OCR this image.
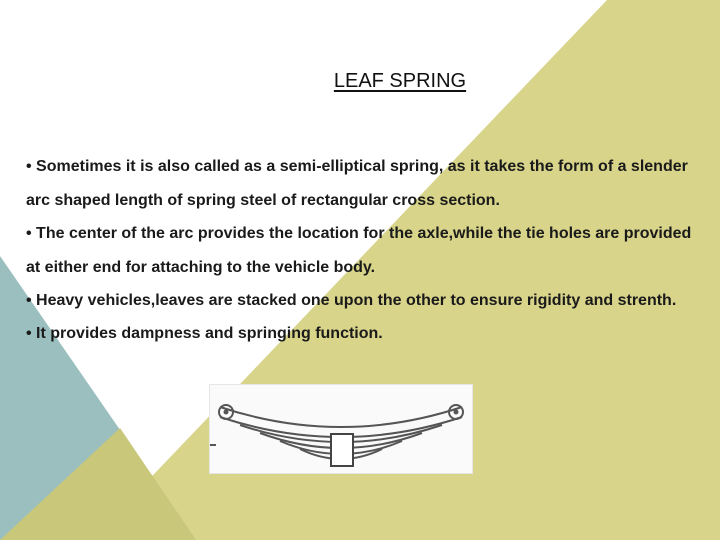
LEAF SPRING
• Sometimes it is also called as a semi-elliptical spring, as it takes the form of a slender arc shaped length of spring steel of rectangular cross section.
• The center of the arc provides the location for the axle,while the tie holes are provided at either end for attaching to the vehicle body.
• Heavy vehicles,leaves are stacked one upon the other to ensure rigidity and strenth.
• It provides dampness and springing function.
